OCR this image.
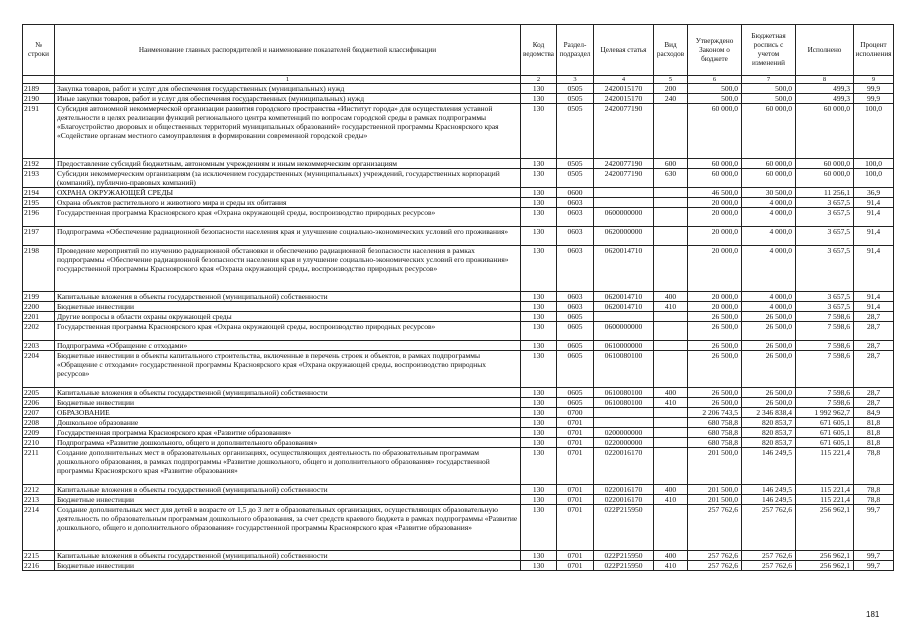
№ строки	Наименование главных распорядителей и наименование показателей бюджетной классификации	Код ведомства	Раздел-подраздел	Целевая статья	Вид расходов	Утверждено Законом о бюджете	Бюджетная роспись с учетом изменений	Исполнено	Процент исполнения
	1	2	3	4	5	6	7	8	9
2189	Закупка товаров, работ и услуг для обеспечения государственных (муниципальных) нужд	130	0505	2420015170	200	500,0	500,0	499,3	99,9
2190	Иные закупки товаров, работ и услуг для обеспечения государственных (муниципальных) нужд	130	0505	2420015170	240	500,0	500,0	499,3	99,9
2191	Субсидия автономной некоммерческой организации развития городского пространства «Институт города» для осуществления уставной деятельности в целях реализации функций регионального центра компетенций по вопросам городской среды в рамках подпрограммы «Благоустройство дворовых и общественных территорий муниципальных образований» государственной программы Красноярского края «Содействие органам местного самоуправления в формировании современной городской среды»	130	0505	2420077190		60 000,0	60 000,0	60 000,0	100,0
2192	Предоставление субсидий бюджетным, автономным учреждениям и иным некоммерческим организациям	130	0505	2420077190	600	60 000,0	60 000,0	60 000,0	100,0
2193	Субсидии некоммерческим организациям (за исключением государственных (муниципальных) учреждений, государственных корпораций (компаний), публично-правовых компаний)	130	0505	2420077190	630	60 000,0	60 000,0	60 000,0	100,0
2194	ОХРАНА ОКРУЖАЮЩЕЙ СРЕДЫ	130	0600			46 500,0	30 500,0	11 256,1	36,9
2195	Охрана объектов растительного и животного мира и среды их обитания	130	0603			20 000,0	4 000,0	3 657,5	91,4
2196	Государственная программа Красноярского края «Охрана окружающей среды, воспроизводство природных ресурсов»	130	0603	0600000000		20 000,0	4 000,0	3 657,5	91,4
2197	Подпрограмма «Обеспечение радиационной безопасности населения края и улучшение социально-экономических условий его проживания»	130	0603	0620000000		20 000,0	4 000,0	3 657,5	91,4
2198	Проведение мероприятий по изучению радиационной обстановки и обеспечению радиационной безопасности населения в рамках подпрограммы «Обеспечение радиационной безопасности населения края и улучшение социально-экономических условий его проживания» государственной программы Красноярского края «Охрана окружающей среды, воспроизводство природных ресурсов»	130	0603	0620014710		20 000,0	4 000,0	3 657,5	91,4
2199	Капитальные вложения в объекты государственной (муниципальной) собственности	130	0603	0620014710	400	20 000,0	4 000,0	3 657,5	91,4
2200	Бюджетные инвестиции	130	0603	0620014710	410	20 000,0	4 000,0	3 657,5	91,4
2201	Другие вопросы в области охраны окружающей среды	130	0605			26 500,0	26 500,0	7 598,6	28,7
2202	Государственная программа Красноярского края «Охрана окружающей среды, воспроизводство природных ресурсов»	130	0605	0600000000		26 500,0	26 500,0	7 598,6	28,7
2203	Подпрограмма «Обращение с отходами»	130	0605	0610000000		26 500,0	26 500,0	7 598,6	28,7
2204	Бюджетные инвестиции в объекты капитального строительства, включенные в перечень строек и объектов, в рамках подпрограммы «Обращение с отходами» государственной программы Красноярского края «Охрана окружающей среды, воспроизводство природных ресурсов»	130	0605	0610080100		26 500,0	26 500,0	7 598,6	28,7
2205	Капитальные вложения в объекты государственной (муниципальной) собственности	130	0605	0610080100	400	26 500,0	26 500,0	7 598,6	28,7
2206	Бюджетные инвестиции	130	0605	0610080100	410	26 500,0	26 500,0	7 598,6	28,7
2207	ОБРАЗОВАНИЕ	130	0700			2 206 743,5	2 346 838,4	1 992 962,7	84,9
2208	Дошкольное образование	130	0701			680 758,8	820 853,7	671 605,1	81,8
2209	Государственная программа Красноярского края «Развитие образования»	130	0701	0200000000		680 758,8	820 853,7	671 605,1	81,8
2210	Подпрограмма «Развитие дошкольного, общего и дополнительного образования»	130	0701	0220000000		680 758,8	820 853,7	671 605,1	81,8
2211	Создание дополнительных мест в образовательных организациях, осуществляющих деятельность по образовательным программам дошкольного образования, в рамках подпрограммы «Развитие дошкольного, общего и дополнительного образования» государственной программы Красноярского края «Развитие образования»	130	0701	0220016170		201 500,0	146 249,5	115 221,4	78,8
2212	Капитальные вложения в объекты государственной (муниципальной) собственности	130	0701	0220016170	400	201 500,0	146 249,5	115 221,4	78,8
2213	Бюджетные инвестиции	130	0701	0220016170	410	201 500,0	146 249,5	115 221,4	78,8
2214	Создание дополнительных мест для детей в возрасте от 1,5 до 3 лет в образовательных организациях, осуществляющих образовательную деятельность по образовательным программам дошкольного образования, за счет средств краевого бюджета в рамках подпрограммы «Развитие дошкольного, общего и дополнительного образования» государственной программы Красноярского края «Развитие образования»	130	0701	022P215950		257 762,6	257 762,6	256 962,1	99,7
2215	Капитальные вложения в объекты государственной (муниципальной) собственности	130	0701	022P215950	400	257 762,6	257 762,6	256 962,1	99,7
2216	Бюджетные инвестиции	130	0701	022P215950	410	257 762,6	257 762,6	256 962,1	99,7
181
